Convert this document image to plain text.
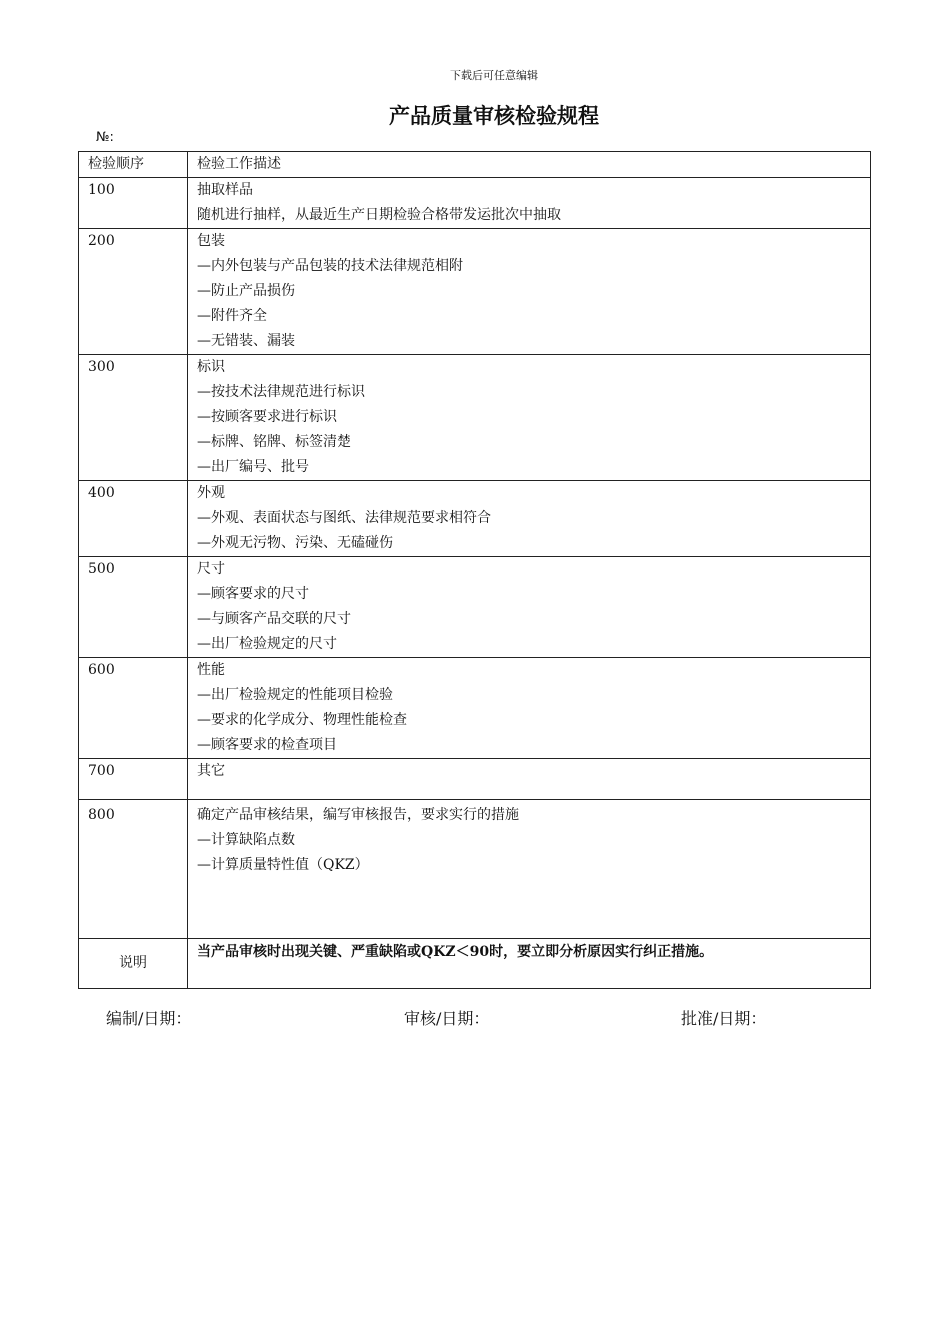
下载后可任意编辑
产品质量审核检验规程
№:
检验顺序	检验工作描述
100	抽取样品
随机进行抽样，从最近生产日期检验合格带发运批次中抽取

200	包装
—内外包装与产品包装的技术法律规范相附
—防止产品损伤
—附件齐全
—无错装、漏装

300	标识
—按技术法律规范进行标识
—按顾客要求进行标识
—标牌、铭牌、标签清楚
—出厂编号、批号

400	外观
—外观、表面状态与图纸、法律规范要求相符合
—外观无污物、污染、无磕碰伤

500	尺寸
—顾客要求的尺寸
—与顾客产品交联的尺寸
—出厂检验规定的尺寸

600	性能
—出厂检验规定的性能项目检验
—要求的化学成分、物理性能检查
—顾客要求的检查项目

700	其它

800	确定产品审核结果，编写审核报告，要求实行的措施
—计算缺陷点数
—计算质量特性值（QKZ）

说明	当产品审核时出现关键、严重缺陷或QKZ＜90时，要立即分析原因实行纠正措施。
编制/日期：	审核/日期：	批准/日期：
